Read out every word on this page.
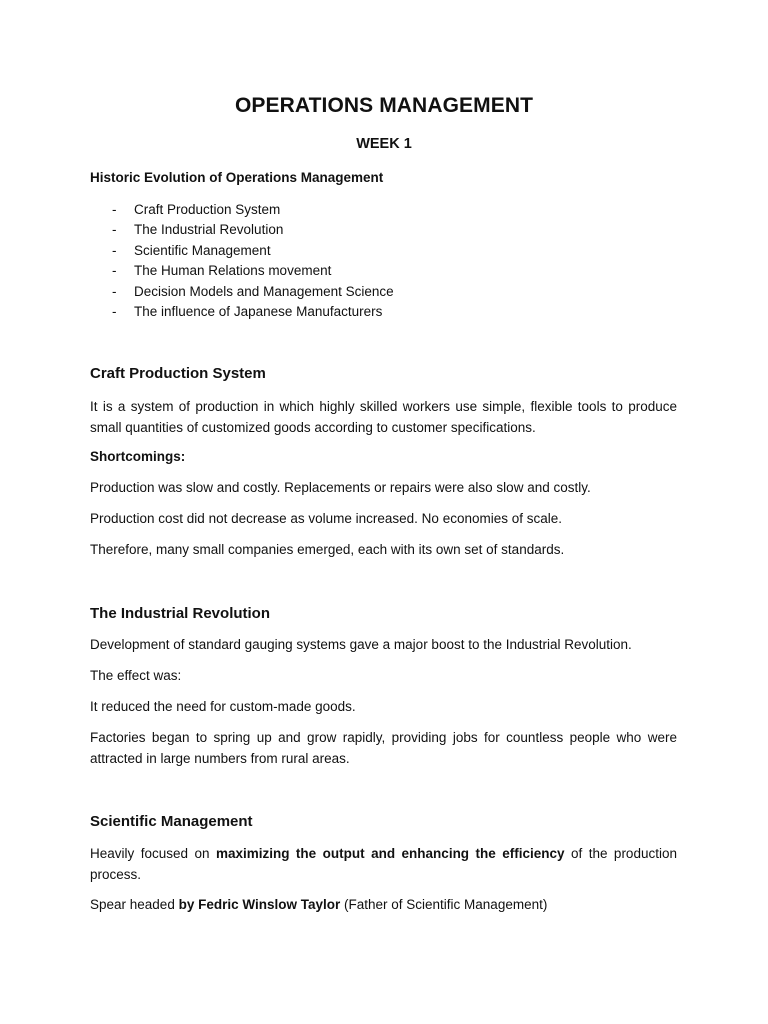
OPERATIONS MANAGEMENT
WEEK 1

Historic Evolution of Operations Management

- Craft Production System
- The Industrial Revolution
- Scientific Management
- The Human Relations movement
- Decision Models and Management Science
- The influence of Japanese Manufacturers
Craft Production System

It is a system of production in which highly skilled workers use simple, flexible tools to produce small quantities of customized goods according to customer specifications.

Shortcomings:

Production was slow and costly. Replacements or repairs were also slow and costly.

Production cost did not decrease as volume increased. No economies of scale.

Therefore, many small companies emerged, each with its own set of standards.

The Industrial Revolution

Development of standard gauging systems gave a major boost to the Industrial Revolution.

The effect was:

It reduced the need for custom-made goods.

Factories began to spring up and grow rapidly, providing jobs for countless people who were attracted in large numbers from rural areas.

Scientific Management

Heavily focused on maximizing the output and enhancing the efficiency of the production process.

Spear headed by Fedric Winslow Taylor (Father of Scientific Management)
